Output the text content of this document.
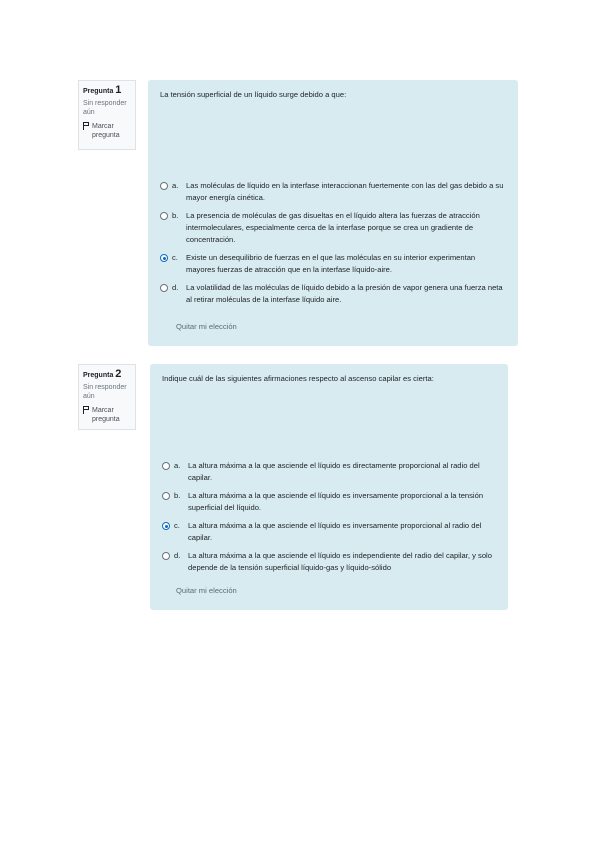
Pregunta 1
Sin responder aún
Marcar pregunta
La tensión superficial de un líquido surge debido a que:
a.	Las moléculas de líquido en la interfase interaccionan fuertemente con las del gas debido a su mayor energía cinética.
b.	La presencia de moléculas de gas disueltas en el líquido altera las fuerzas de atracción intermoleculares, especialmente cerca de la interfase porque se crea un gradiente de concentración.
c.	Existe un desequilibrio de fuerzas en el que las moléculas en su interior experimentan mayores fuerzas de atracción que en la interfase líquido-aire.
d.	La volatilidad de las moléculas de líquido debido a la presión de vapor genera una fuerza neta al retirar moléculas de la interfase líquido aire.
Quitar mi elección
Pregunta 2
Sin responder aún
Marcar pregunta
Indique cuál de las siguientes afirmaciones respecto al ascenso capilar es cierta:
a.	La altura máxima a la que asciende el líquido es directamente proporcional al radio del capilar.
b.	La altura máxima a la que asciende el líquido es inversamente proporcional a la tensión superficial del líquido.
c.	La altura máxima a la que asciende el líquido es inversamente proporcional al radio del capilar.
d.	La altura máxima a la que asciende el líquido es independiente del radio del capilar, y solo depende de la tensión superficial líquido-gas y líquido-sólido
Quitar mi elección
